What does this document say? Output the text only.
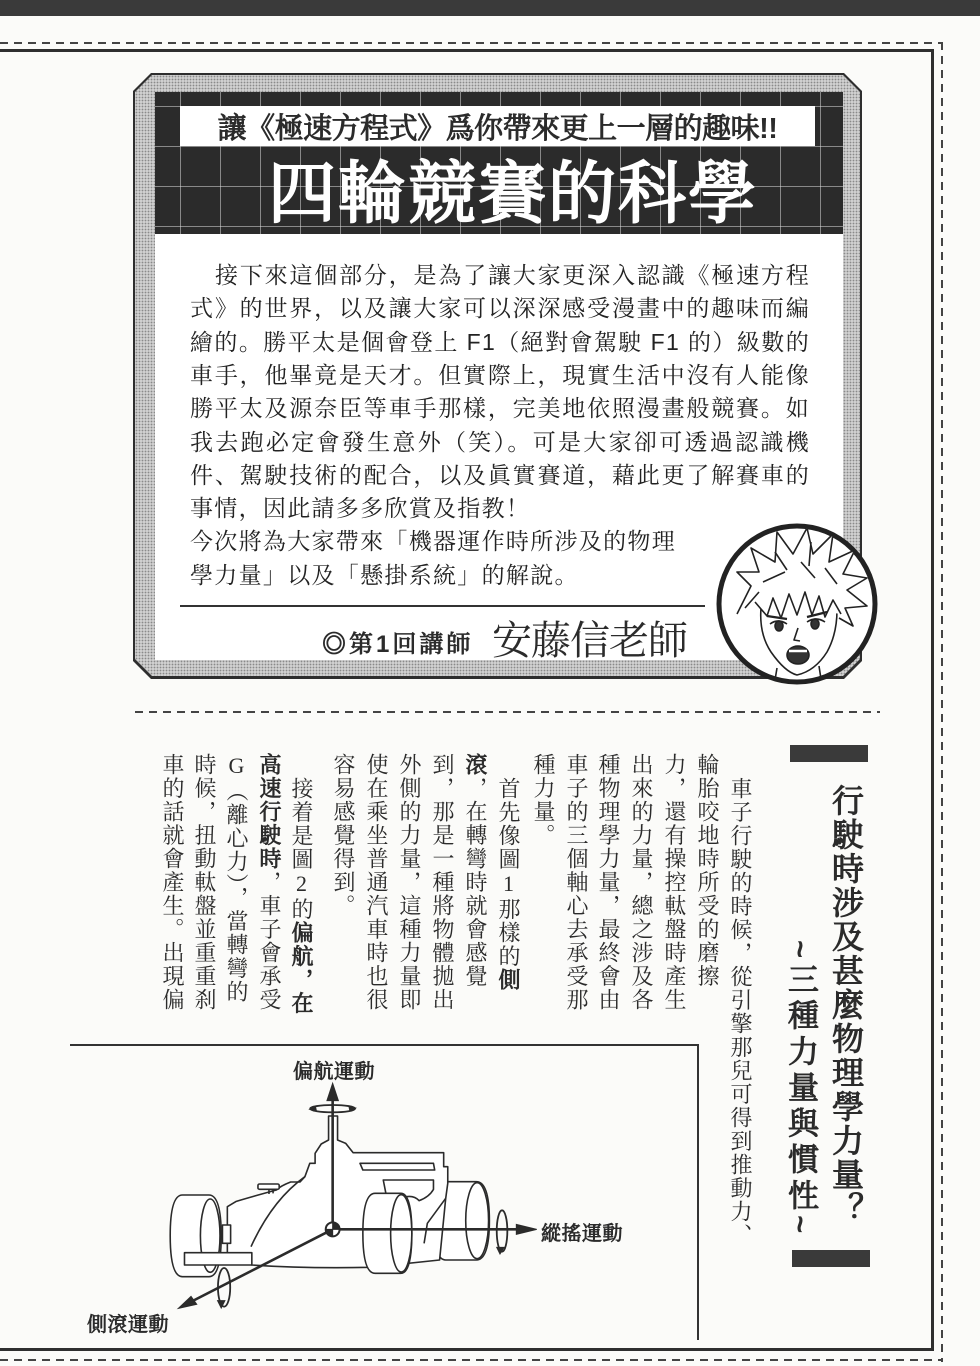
讓《極速方程式》爲你帶來更上一層的趣味!!
四輪競賽的科學
接下來這個部分，是為了讓大家更深入認識《極速方程
式》的世界，以及讓大家可以深深感受漫畫中的趣味而編
繪的。勝平太是個會登上 F1（絕對會駕駛 F1 的）級數的
車手，他畢竟是天才。但實際上，現實生活中沒有人能像
勝平太及源奈臣等車手那樣，完美地依照漫畫般競賽。如
我去跑必定會發生意外（笑）。可是大家卻可透過認識機
件、駕駛技術的配合，以及眞實賽道，藉此更了解賽車的
事情，因此請多多欣賞及指教！
今次將為大家帶來「機器運作時所涉及的物理
學力量」以及「懸掛系統」的解說。
◎第1回講師 安藤信老師
行駛時涉及甚麼物理學力量？
~三種力量與慣性~
車子行駛的時候，從引擎那兒可得到推動力、
輪胎咬地時所受的磨擦
力，還有操控軚盤時產生
出來的力量，總之涉及各
種物理學力量，最終會由
車子的三個軸心去承受那
種力量。
首先像圖1那樣的側
滾，在轉彎時就會感覺
到，那是一種將物體拋出
外側的力量，這種力量即
使在乘坐普通汽車時也很
容易感覺得到。
接着是圖2的偏航，在
高速行駛時，車子會承受
G（離心力），當轉彎的
時候，扭動軚盤並重重刹
車的話就會產生。出現偏
偏航運動
縱搖運動
側滾運動
